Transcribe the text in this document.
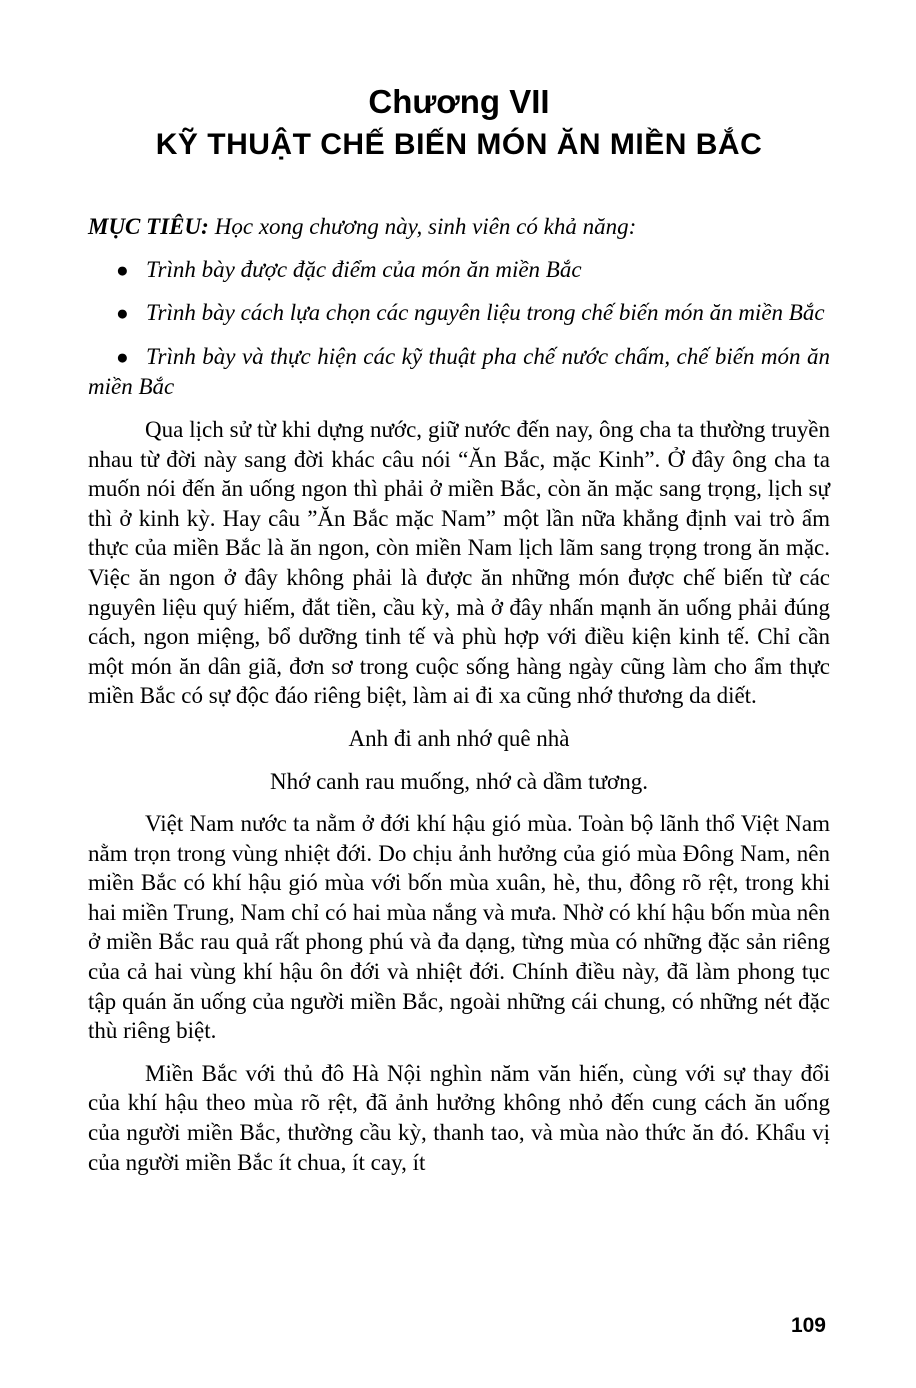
Chương VII
KỸ THUẬT CHẾ BIẾN MÓN ĂN MIỀN BẮC
MỤC TIÊU: Học xong chương này, sinh viên có khả năng:
● Trình bày được đặc điểm của món ăn miền Bắc
● Trình bày cách lựa chọn các nguyên liệu trong chế biến món ăn miền Bắc
● Trình bày và thực hiện các kỹ thuật pha chế nước chấm, chế biến món ăn miền Bắc

Qua lịch sử từ khi dựng nước, giữ nước đến nay, ông cha ta thường truyền nhau từ đời này sang đời khác câu nói “Ăn Bắc, mặc Kinh”. Ở đây ông cha ta muốn nói đến ăn uống ngon thì phải ở miền Bắc, còn ăn mặc sang trọng, lịch sự thì ở kinh kỳ. Hay câu ”Ăn Bắc mặc Nam” một lần nữa khẳng định vai trò ẩm thực của miền Bắc là ăn ngon, còn miền Nam lịch lãm sang trọng trong ăn mặc. Việc ăn ngon ở đây không phải là được ăn những món được chế biến từ các nguyên liệu quý hiếm, đắt tiền, cầu kỳ, mà ở đây nhấn mạnh ăn uống phải đúng cách, ngon miệng, bổ dưỡng tinh tế và phù hợp với điều kiện kinh tế. Chỉ cần một món ăn dân giã, đơn sơ trong cuộc sống hàng ngày cũng làm cho ẩm thực miền Bắc có sự độc đáo riêng biệt, làm ai đi xa cũng nhớ thương da diết.

Anh đi anh nhớ quê nhà

Nhớ canh rau muống, nhớ cà dầm tương.

Việt Nam nước ta nằm ở đới khí hậu gió mùa. Toàn bộ lãnh thổ Việt Nam nằm trọn trong vùng nhiệt đới. Do chịu ảnh hưởng của gió mùa Đông Nam, nên miền Bắc có khí hậu gió mùa với bốn mùa xuân, hè, thu, đông rõ rệt, trong khi hai miền Trung, Nam chỉ có hai mùa nắng và mưa. Nhờ có khí hậu bốn mùa nên ở miền Bắc rau quả rất phong phú và đa dạng, từng mùa có những đặc sản riêng của cả hai vùng khí hậu ôn đới và nhiệt đới. Chính điều này, đã làm phong tục tập quán ăn uống của người miền Bắc, ngoài những cái chung, có những nét đặc thù riêng biệt.

Miền Bắc với thủ đô Hà Nội nghìn năm văn hiến, cùng với sự thay đổi của khí hậu theo mùa rõ rệt, đã ảnh hưởng không nhỏ đến cung cách ăn uống của người miền Bắc, thường cầu kỳ, thanh tao, và mùa nào thức ăn đó. Khẩu vị của người miền Bắc ít chua, ít cay, ít

109
